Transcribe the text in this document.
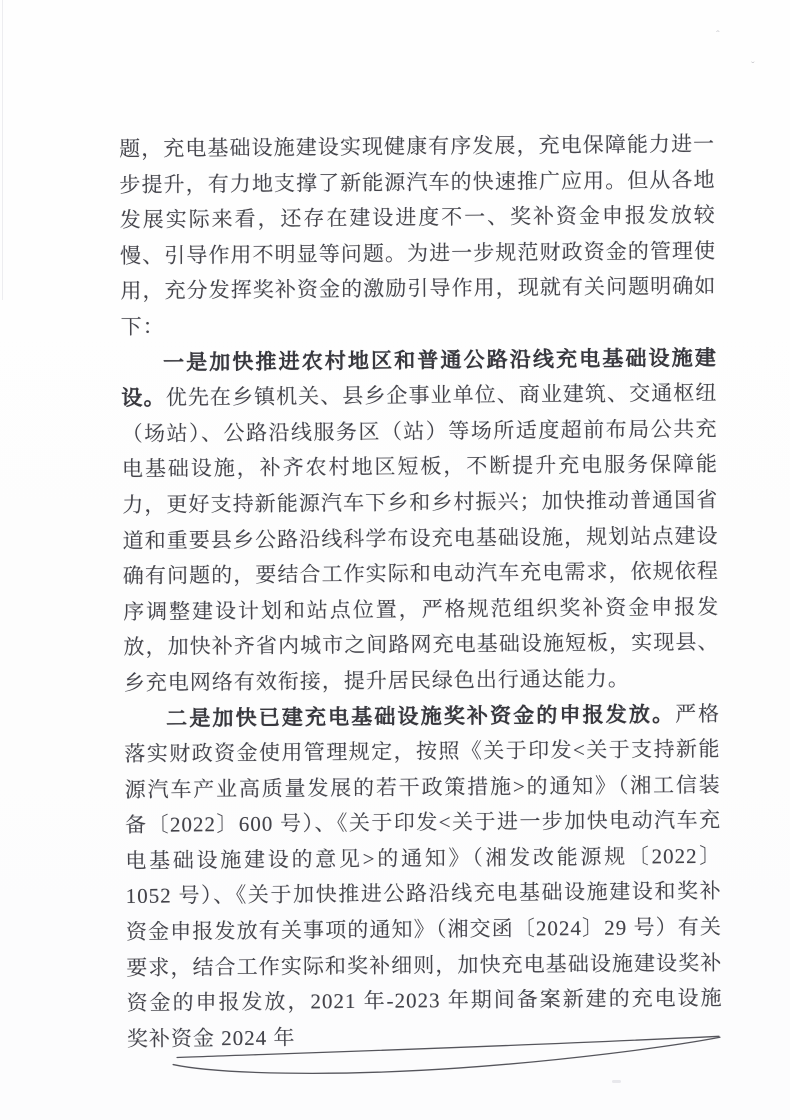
ˆ
ˇ

题，充电基础设施建设实现健康有序发展，充电保障能力进一步提升，有力地支撑了新能源汽车的快速推广应用。但从各地发展实际来看，还存在建设进度不一、奖补资金申报发放较慢、引导作用不明显等问题。为进一步规范财政资金的管理使用，充分发挥奖补资金的激励引导作用，现就有关问题明确如下：

一是加快推进农村地区和普通公路沿线充电基础设施建设。优先在乡镇机关、县乡企事业单位、商业建筑、交通枢纽（场站）、公路沿线服务区（站）等场所适度超前布局公共充电基础设施，补齐农村地区短板，不断提升充电服务保障能力，更好支持新能源汽车下乡和乡村振兴；加快推动普通国省道和重要县乡公路沿线科学布设充电基础设施，规划站点建设确有问题的，要结合工作实际和电动汽车充电需求，依规依程序调整建设计划和站点位置，严格规范组织奖补资金申报发放，加快补齐省内城市之间路网充电基础设施短板，实现县、乡充电网络有效衔接，提升居民绿色出行通达能力。

二是加快已建充电基础设施奖补资金的申报发放。严格落实财政资金使用管理规定，按照《关于印发<关于支持新能源汽车产业高质量发展的若干政策措施>的通知》（湘工信装备〔2022〕600 号）、《关于印发<关于进一步加快电动汽车充电基础设施建设的意见>的通知》（湘发改能源规〔2022〕1052 号）、《关于加快推进公路沿线充电基础设施建设和奖补资金申报发放有关事项的通知》（湘交函〔2024〕29 号）有关要求，结合工作实际和奖补细则，加快充电基础设施建设奖补资金的申报发放，2021 年-2023 年期间备案新建的充电设施奖补资金 2024 年
